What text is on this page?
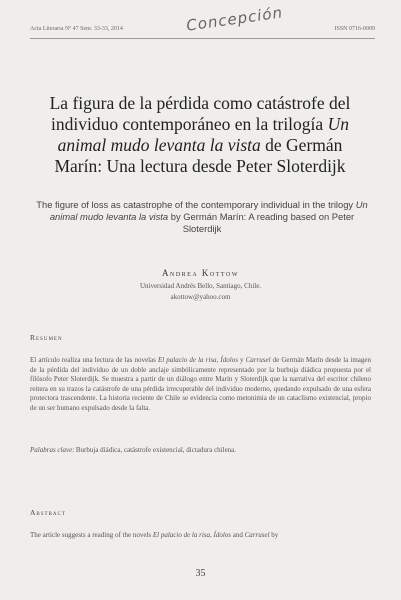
Acta Literaria Nº 47 Sem. 33-33, 2014	ISSN 0716-0909
Concepción
La figura de la pérdida como catástrofe del individuo contemporáneo en la trilogía Un animal mudo levanta la vista de Germán Marín: Una lectura desde Peter Sloterdijk
The figure of loss as catastrophe of the contemporary individual in the trilogy Un animal mudo levanta la vista by Germán Marín: A reading based on Peter Sloterdijk
Andrea Kottow
Universidad Andrés Bello, Santiago, Chile.
akottow@yahoo.com
Resumen
El artículo realiza una lectura de las novelas El palacio de la risa, Ídolos y Carrusel de Germán Marín desde la imagen de la pérdida del individuo de un doble anclaje simbólicamente representado por la burbuja diádica propuesta por el filósofo Peter Sloterdijk. Se muestra a partir de un diálogo entre Marín y Sloterdijk que la narrativa del escritor chileno reitera en su trazos la catástrofe de una pérdida irrecuperable del individuo moderno, quedando expulsado de una esfera protectora trascendente. La historia reciente de Chile se evidencia como metonimia de un cataclismo existencial, propio de un ser humano expulsado desde la falta.
Palabras clave: Burbuja diádica, catástrofe existencial, dictadura chilena.
Abstract
The article suggests a reading of the novels El palacio de la risa, Ídolos and Carrusel by
35
